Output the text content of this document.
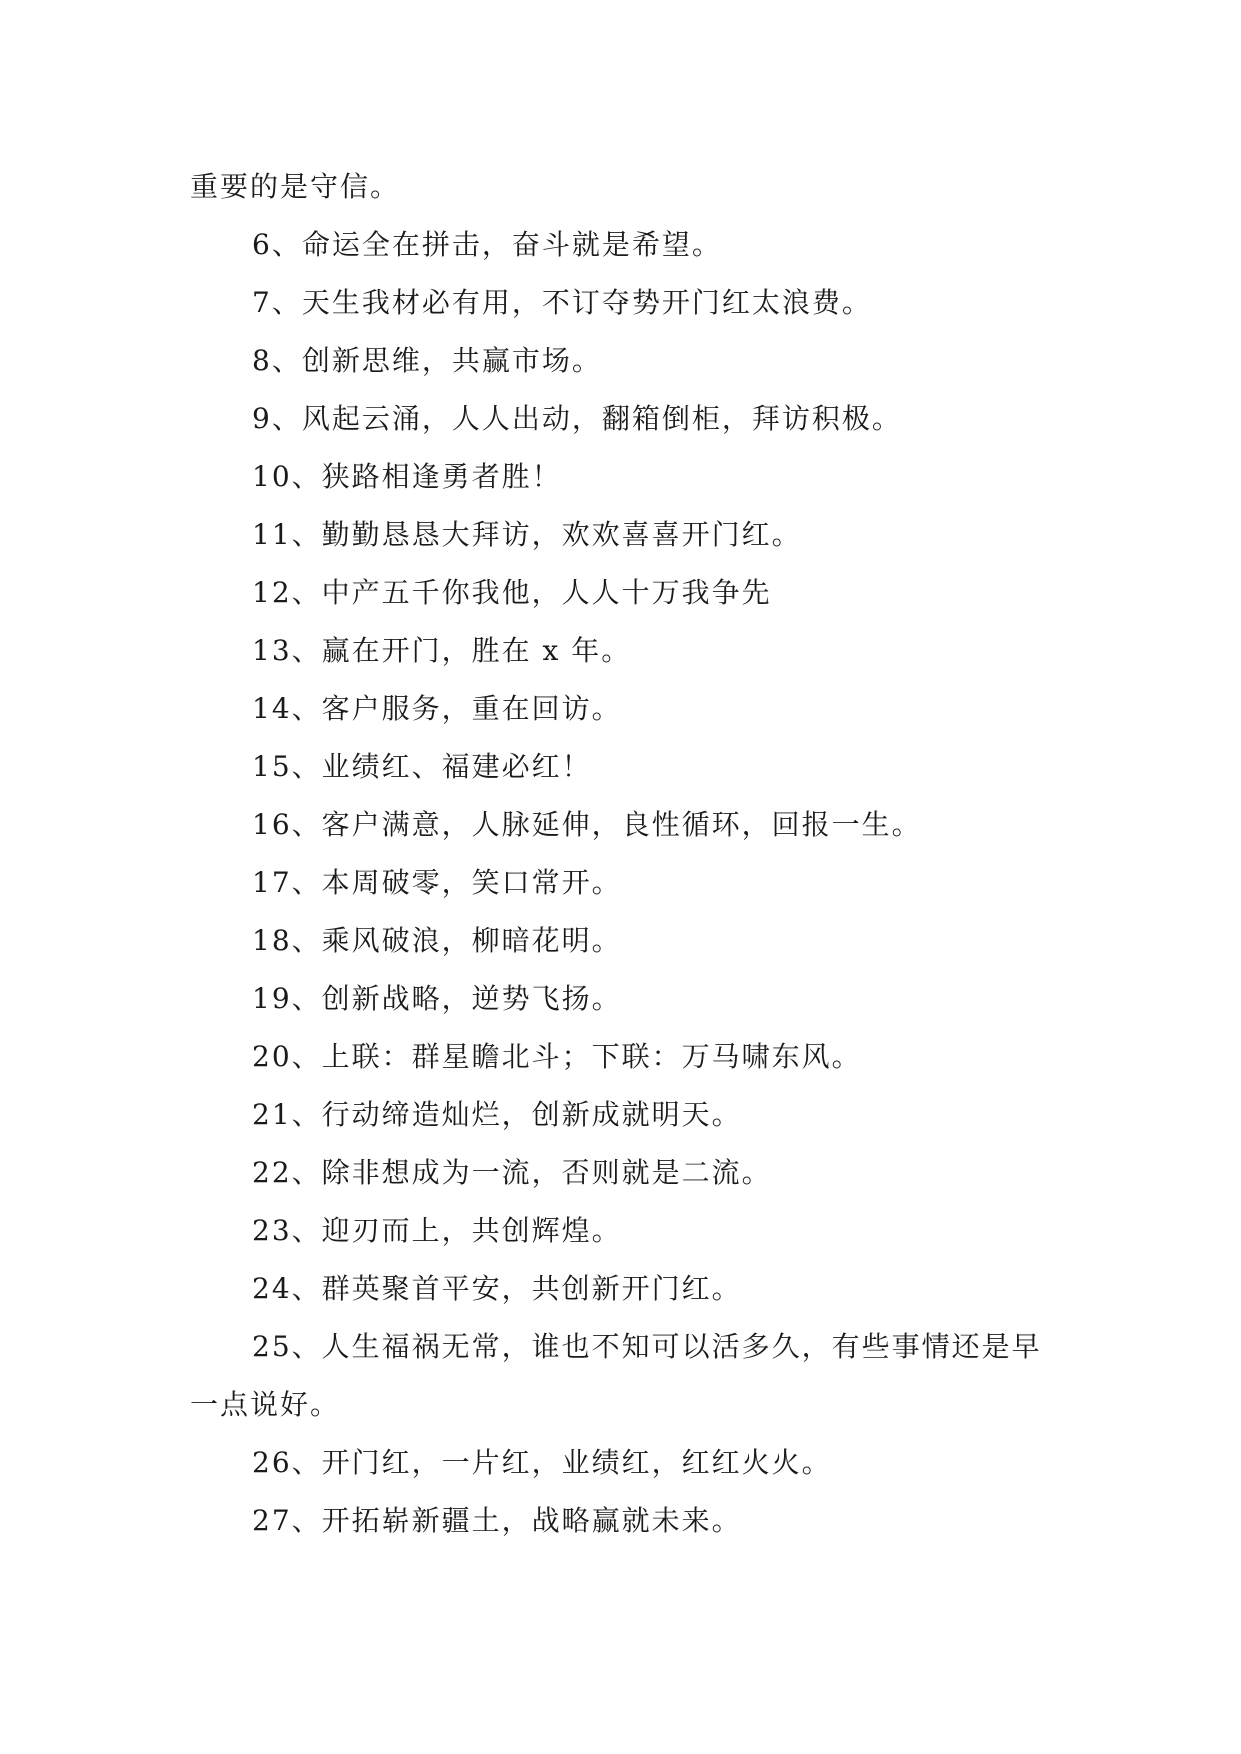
重要的是守信。

6、命运全在拼击，奋斗就是希望。

7、天生我材必有用，不订夺势开门红太浪费。

8、创新思维，共赢市场。

9、风起云涌，人人出动，翻箱倒柜，拜访积极。

10、狭路相逢勇者胜！

11、勤勤恳恳大拜访，欢欢喜喜开门红。

12、中产五千你我他，人人十万我争先

13、赢在开门，胜在 x 年。

14、客户服务，重在回访。

15、业绩红、福建必红！

16、客户满意，人脉延伸，良性循环，回报一生。

17、本周破零，笑口常开。

18、乘风破浪，柳暗花明。

19、创新战略，逆势飞扬。

20、上联：群星瞻北斗；下联：万马啸东风。

21、行动缔造灿烂，创新成就明天。

22、除非想成为一流，否则就是二流。

23、迎刃而上，共创辉煌。

24、群英聚首平安，共创新开门红。

25、人生福祸无常，谁也不知可以活多久，有些事情还是早一点说好。

26、开门红，一片红，业绩红，红红火火。

27、开拓崭新疆土，战略赢就未来。
